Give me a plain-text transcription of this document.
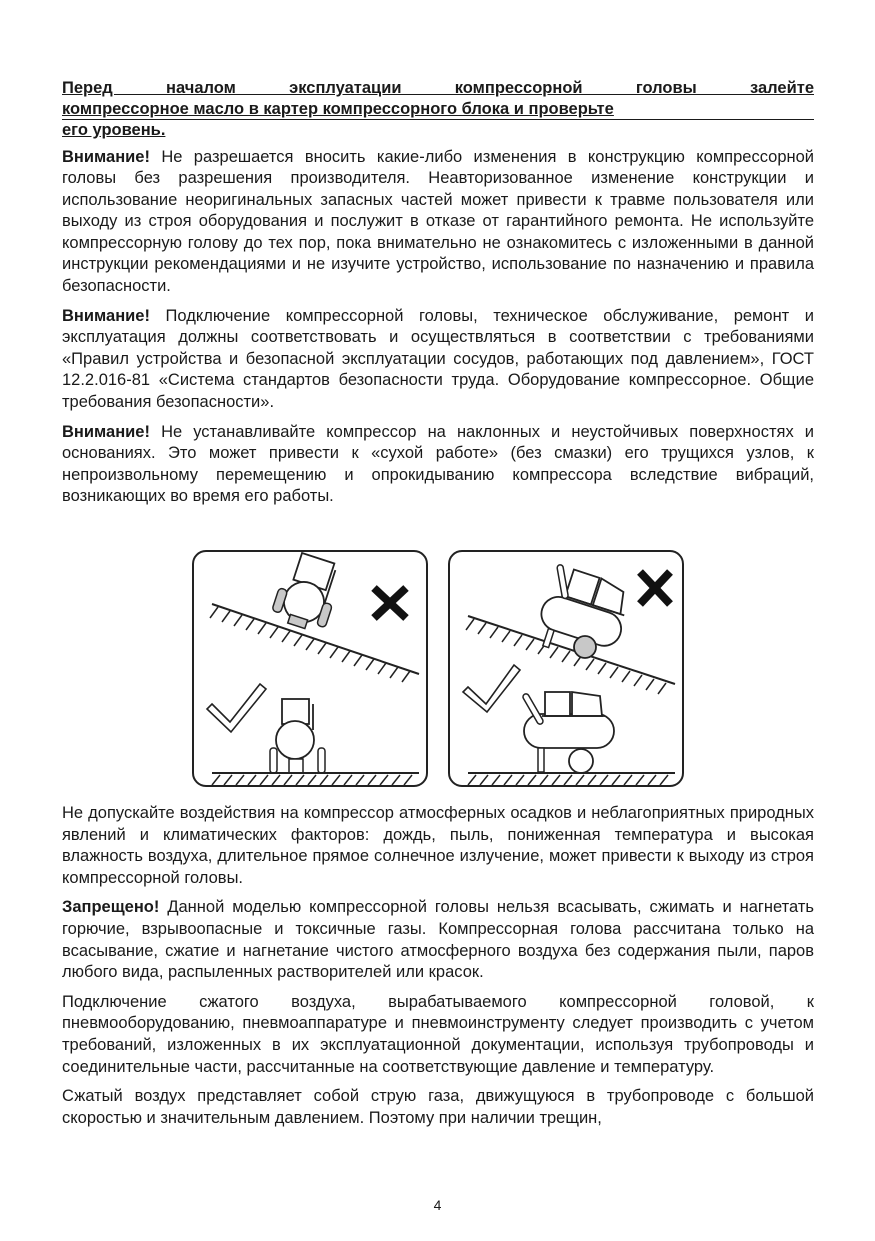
Перед началом эксплуатации компрессорной головы залейте
компрессорное масло в картер компрессорного блока и проверьте
его уровень.

Внимание! Не разрешается вносить какие-либо изменения в конструкцию компрессорной головы без разрешения производителя. Неавторизованное изменение конструкции и использование неоригинальных запасных частей может привести к травме пользователя или выходу из строя оборудования и послужит в отказе от гарантийного ремонта. Не используйте компрессорную голову до тех пор, пока внимательно не ознакомитесь с изложенными в данной инструкции рекомендациями и не изучите устройство, использование по назначению и правила безопасности.

Внимание! Подключение компрессорной головы, техническое обслуживание, ремонт и эксплуатация должны соответствовать и осуществляться в соответствии с требованиями «Правил устройства и безопасной эксплуатации сосудов, работающих под давлением», ГОСТ 12.2.016-81 «Система стандартов безопасности труда. Оборудование компрессорное. Общие требования безопасности».

Внимание! Не устанавливайте компрессор на наклонных и неустойчивых поверхностях и основаниях. Это может привести к «сухой работе» (без смазки) его трущихся узлов, к непроизвольному перемещению и опрокидыванию компрессора вследствие вибраций, возникающих во время его работы.

Не допускайте воздействия на компрессор атмосферных осадков и неблагоприятных природных явлений и климатических факторов: дождь, пыль, пониженная температура и высокая влажность воздуха, длительное прямое солнечное излучение, может привести к выходу из строя компрессорной головы.

Запрещено! Данной моделью компрессорной головы нельзя всасывать, сжимать и нагнетать горючие, взрывоопасные и токсичные газы. Компрессорная голова рассчитана только на всасывание, сжатие и нагнетание чистого атмосферного воздуха без содержания пыли, паров любого вида, распыленных растворителей или красок.

Подключение сжатого воздуха, вырабатываемого компрессорной головой, к пневмооборудованию, пневмоаппаратуре и пневмоинструменту следует производить с учетом требований, изложенных в их эксплуатационной документации, используя трубопроводы и соединительные части, рассчитанные на соответствующие давление и температуру.

Сжатый воздух представляет собой струю газа, движущуюся в трубопроводе с большой скоростью и значительным давлением. Поэтому при наличии трещин,

4
